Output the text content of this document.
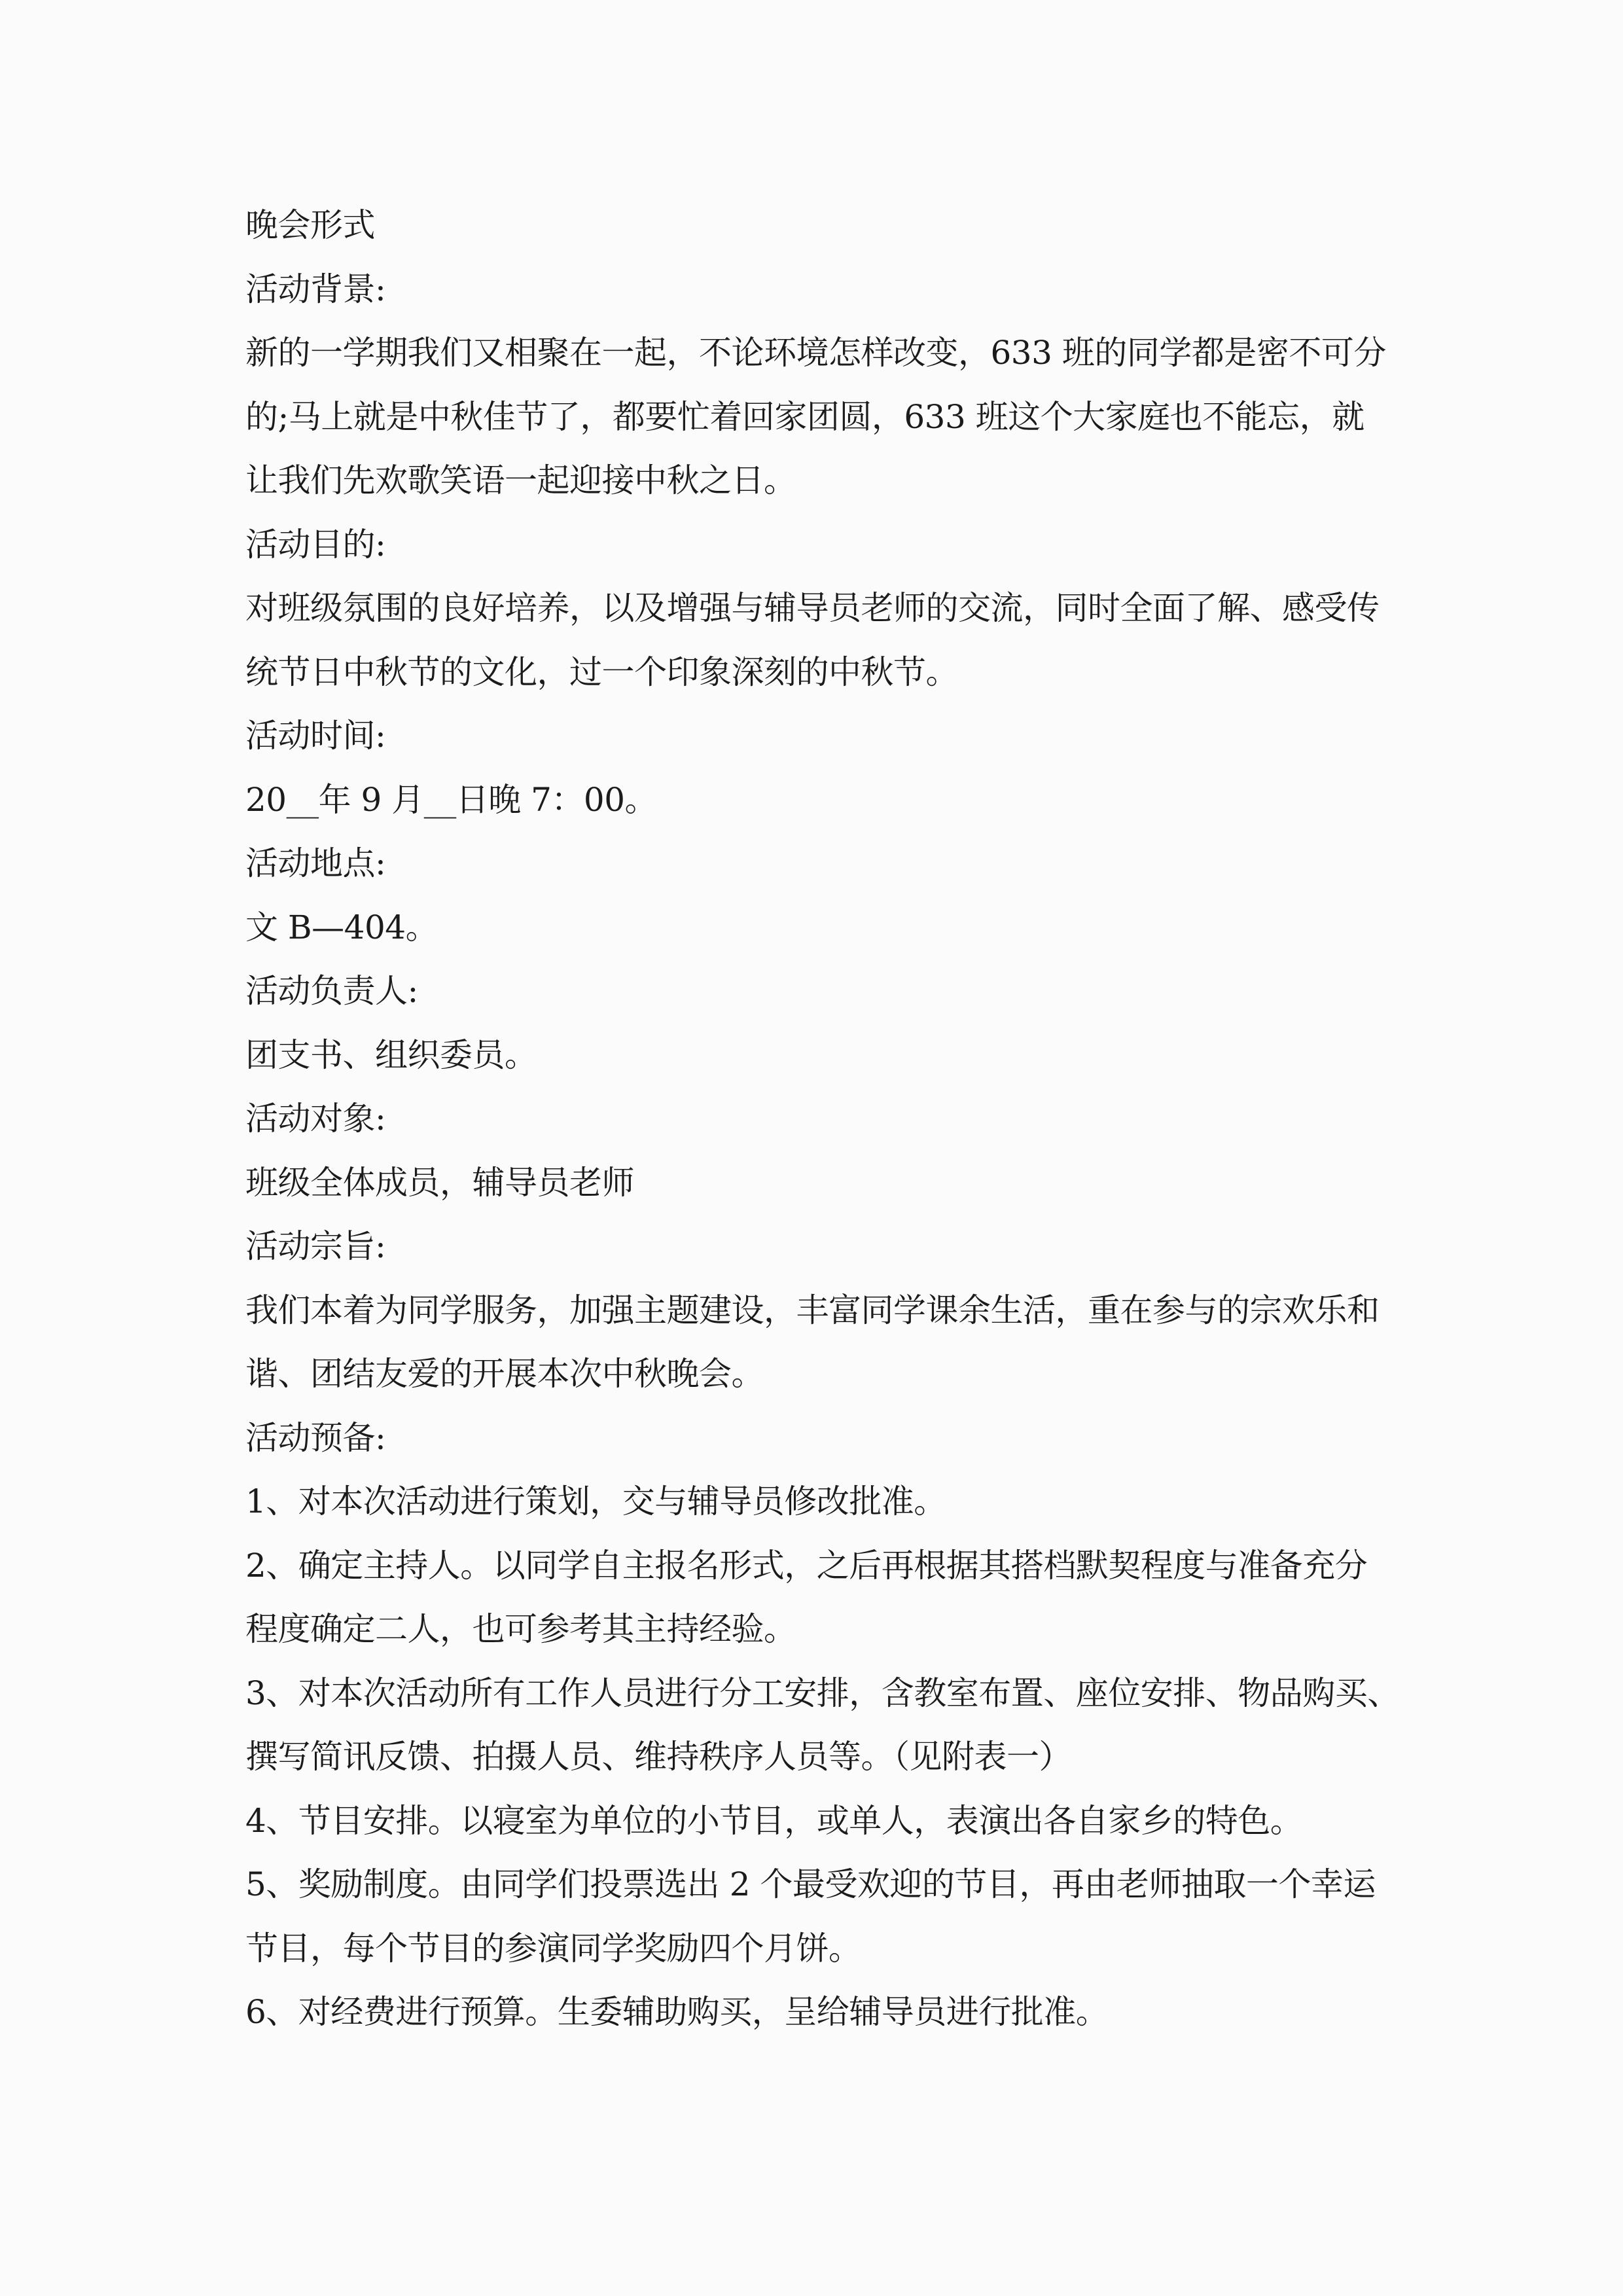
晚会形式
活动背景:
新的一学期我们又相聚在一起，不论环境怎样改变，633 班的同学都是密不可分
的;马上就是中秋佳节了，都要忙着回家团圆，633 班这个大家庭也不能忘，就
让我们先欢歌笑语一起迎接中秋之日。
活动目的:
对班级氛围的良好培养，以及增强与辅导员老师的交流，同时全面了解、感受传
统节日中秋节的文化，过一个印象深刻的中秋节。
活动时间:
20__年 9 月__日晚 7：00。
活动地点:
文 B—404。
活动负责人:
团支书、组织委员。
活动对象:
班级全体成员，辅导员老师
活动宗旨:
我们本着为同学服务，加强主题建设，丰富同学课余生活，重在参与的宗欢乐和
谐、团结友爱的开展本次中秋晚会。
活动预备:
1、对本次活动进行策划，交与辅导员修改批准。
2、确定主持人。以同学自主报名形式，之后再根据其搭档默契程度与准备充分
程度确定二人，也可参考其主持经验。
3、对本次活动所有工作人员进行分工安排，含教室布置、座位安排、物品购买、
撰写简讯反馈、拍摄人员、维持秩序人员等。（见附表一）
4、节目安排。以寝室为单位的小节目，或单人，表演出各自家乡的特色。
5、奖励制度。由同学们投票选出 2 个最受欢迎的节目，再由老师抽取一个幸运
节目，每个节目的参演同学奖励四个月饼。
6、对经费进行预算。生委辅助购买，呈给辅导员进行批准。
